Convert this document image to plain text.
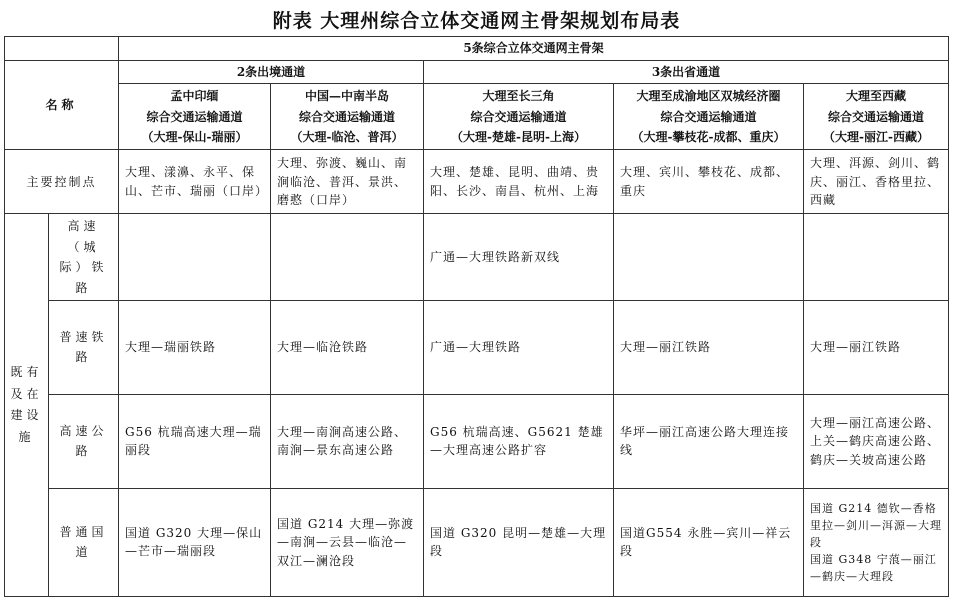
附表 大理州综合立体交通网主骨架规划布局表
		5条综合立体交通网主骨架				
名称		2条出境通道		3条出省通道		

		孟中印缅
综合交通运输通道
（大理-保山-瑞丽）	中国—中南半岛
综合交通运输通道
（大理-临沧、普洱）	大理至长三角
综合交通运输通道
（大理-楚雄-昆明-上海）	大理至成渝地区双城经济圈
综合交通运输通道
（大理-攀枝花-成都、重庆）	大理至西藏
综合交通运输通道
（大理-丽江-西藏）

主要控制点		大理、漾濞、永平、保山、芒市、瑞丽（口岸）	大理、弥渡、巍山、南涧临沧、普洱、景洪、磨憨（口岸）	大理、楚雄、昆明、曲靖、贵阳、长沙、南昌、杭州、上海	大理、宾川、攀枝花、成都、重庆	大理、洱源、剑川、鹤庆、丽江、香格里拉、西藏
既有及在建设施	高速（城际）铁路			广通—大理铁路新双线		
	普速铁路	大理—瑞丽铁路	大理—临沧铁路	广通—大理铁路	大理—丽江铁路	大理—丽江铁路
	高速公路	G56 杭瑞高速大理—瑞丽段	大理—南涧高速公路、南涧—景东高速公路	G56 杭瑞高速、G5621 楚雄—大理高速公路扩容	华坪—丽江高速公路大理连接线	大理—丽江高速公路、上关—鹤庆高速公路、鹤庆—关坡高速公路
	普通国道	国道 G320 大理—保山—芒市—瑞丽段	国道 G214 大理—弥渡—南涧—云县—临沧—双江—澜沧段	国道 G320 昆明—楚雄—大理段	国道G554 永胜—宾川—祥云段	国道 G214 德钦—香格里拉—剑川—洱源—大理段
国道 G348 宁蒗—丽江—鹤庆—大理段
